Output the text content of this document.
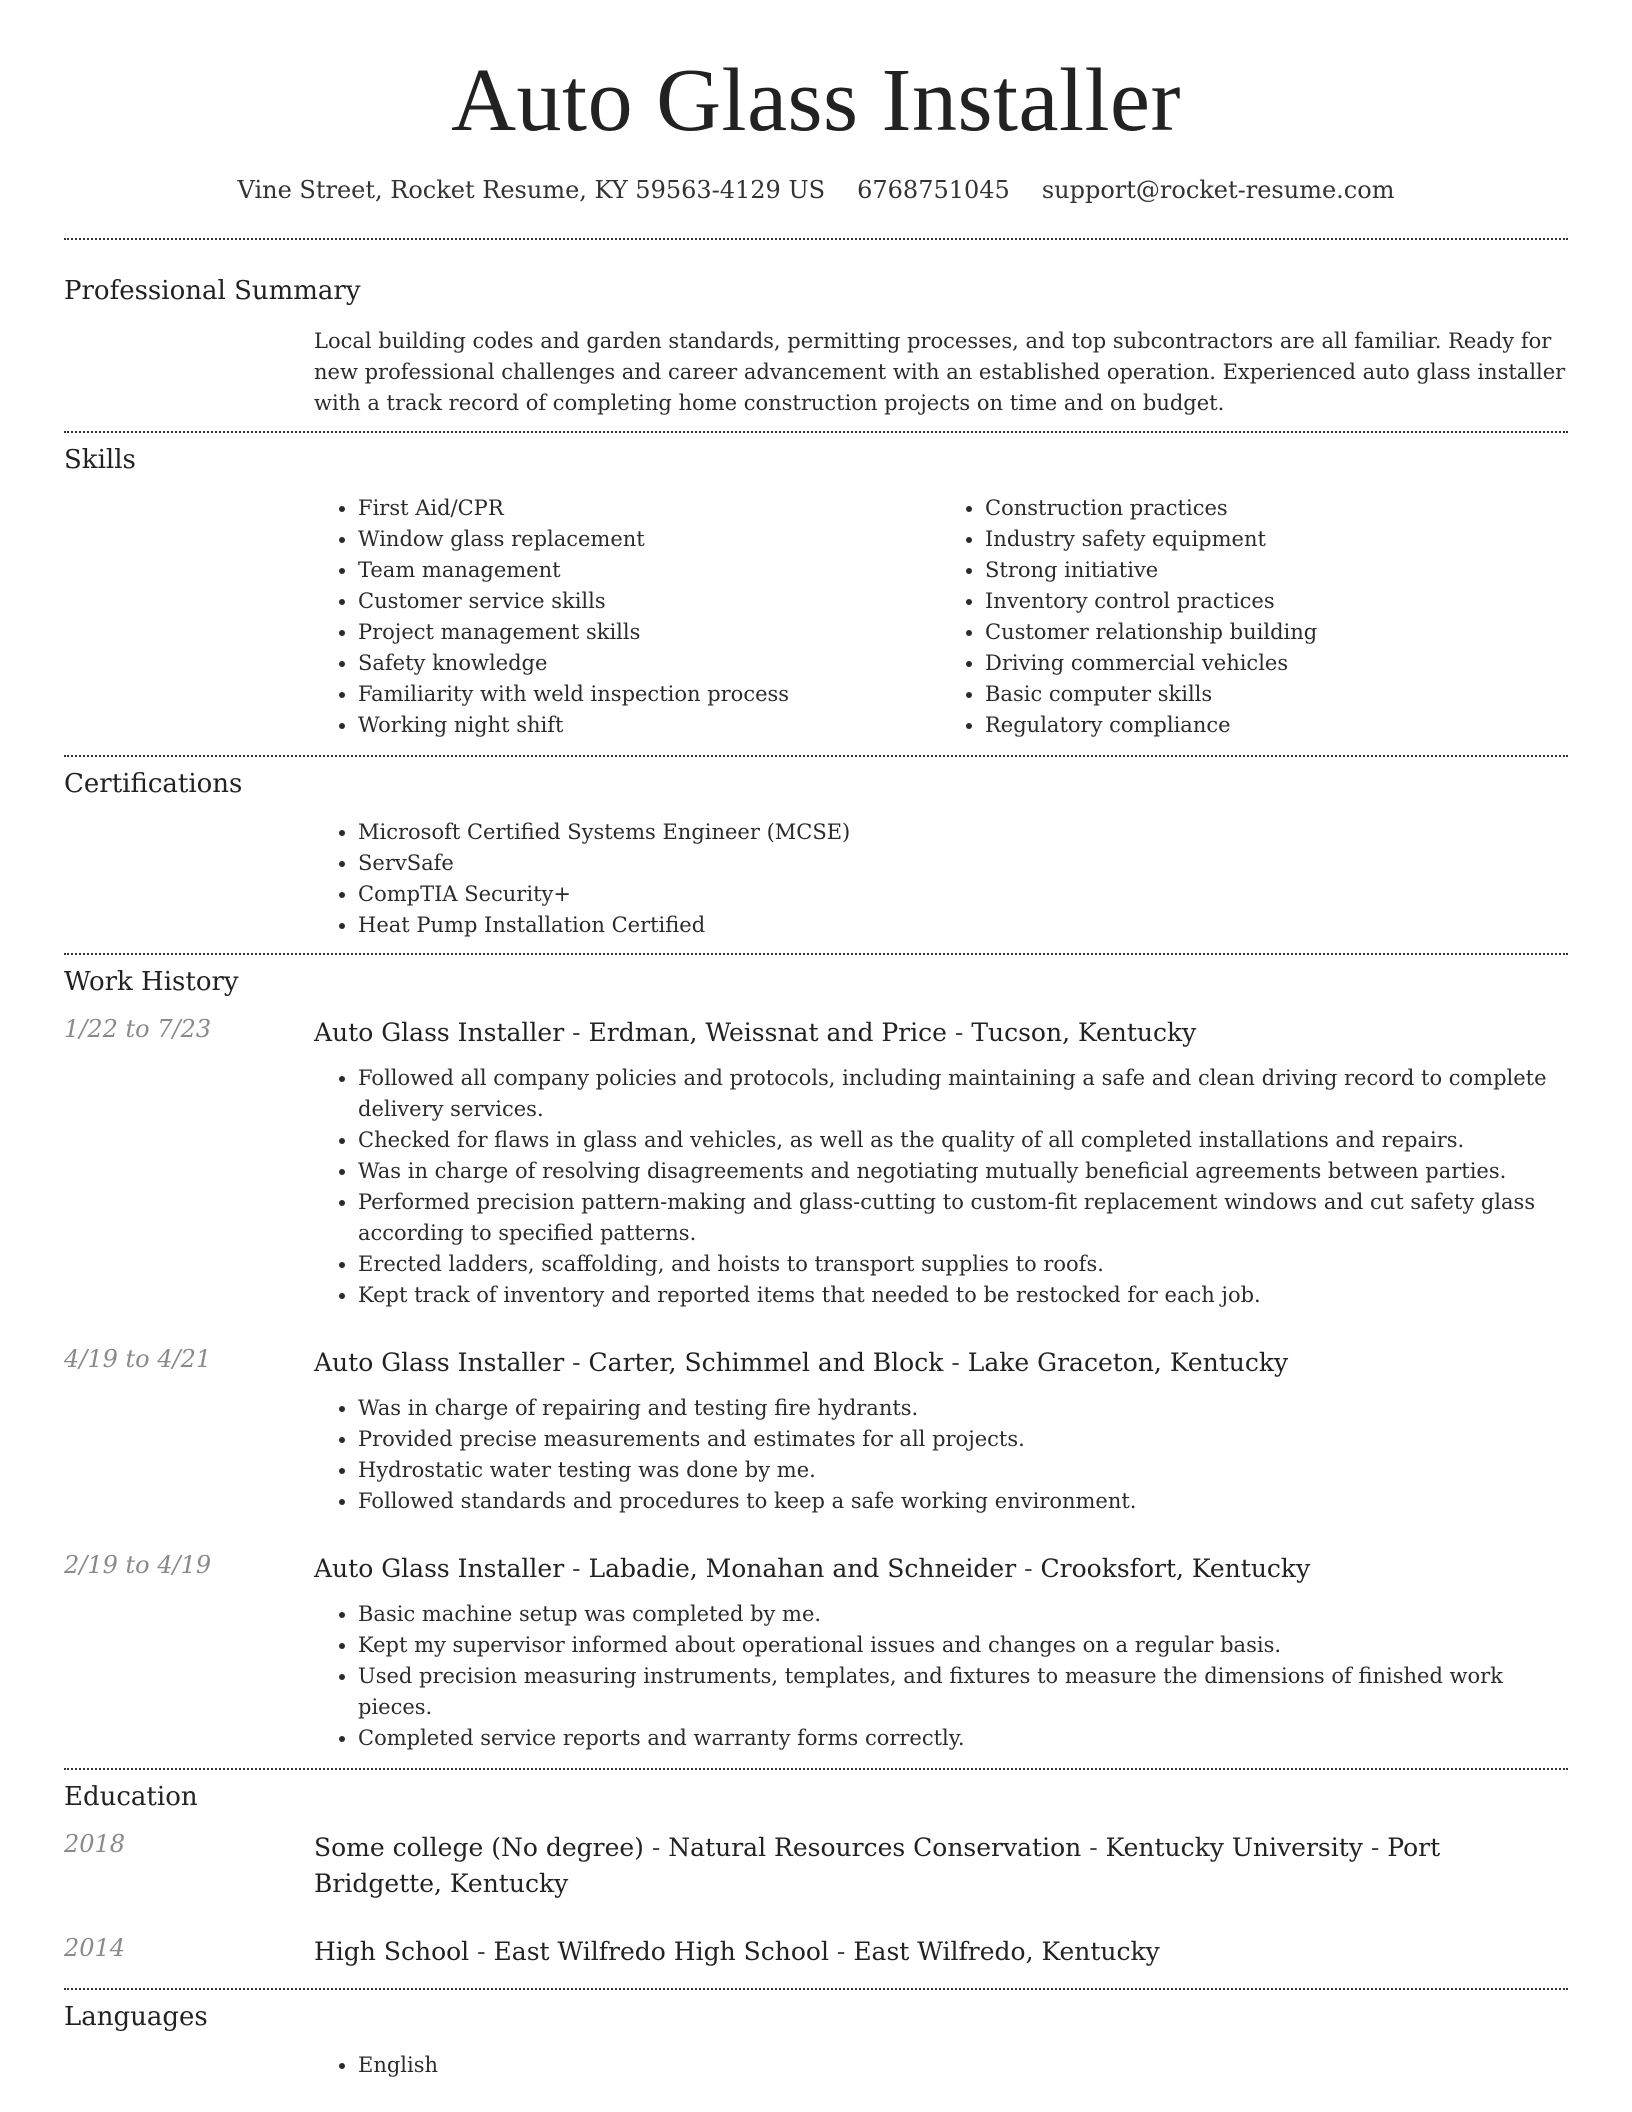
Auto Glass Installer
Vine Street, Rocket Resume, KY 59563-4129 US 6768751045 support@rocket-resume.com
Professional Summary
Local building codes and garden standards, permitting processes, and top subcontractors are all familiar. Ready for new professional challenges and career advancement with an established operation. Experienced auto glass installer with a track record of completing home construction projects on time and on budget.
Skills
• First Aid/CPR
• Window glass replacement
• Team management
• Customer service skills
• Project management skills
• Safety knowledge
• Familiarity with weld inspection process
• Working night shift
• Construction practices
• Industry safety equipment
• Strong initiative
• Inventory control practices
• Customer relationship building
• Driving commercial vehicles
• Basic computer skills
• Regulatory compliance
Certifications
• Microsoft Certified Systems Engineer (MCSE)
• ServSafe
• CompTIA Security+
• Heat Pump Installation Certified
Work History
1/22 to 7/23	Auto Glass Installer - Erdman, Weissnat and Price - Tucson, Kentucky
• Followed all company policies and protocols, including maintaining a safe and clean driving record to complete delivery services.
• Checked for flaws in glass and vehicles, as well as the quality of all completed installations and repairs.
• Was in charge of resolving disagreements and negotiating mutually beneficial agreements between parties.
• Performed precision pattern-making and glass-cutting to custom-fit replacement windows and cut safety glass according to specified patterns.
• Erected ladders, scaffolding, and hoists to transport supplies to roofs.
• Kept track of inventory and reported items that needed to be restocked for each job.
4/19 to 4/21	Auto Glass Installer - Carter, Schimmel and Block - Lake Graceton, Kentucky
• Was in charge of repairing and testing fire hydrants.
• Provided precise measurements and estimates for all projects.
• Hydrostatic water testing was done by me.
• Followed standards and procedures to keep a safe working environment.
2/19 to 4/19	Auto Glass Installer - Labadie, Monahan and Schneider - Crooksfort, Kentucky
• Basic machine setup was completed by me.
• Kept my supervisor informed about operational issues and changes on a regular basis.
• Used precision measuring instruments, templates, and fixtures to measure the dimensions of finished work pieces.
• Completed service reports and warranty forms correctly.
Education
2018	Some college (No degree) - Natural Resources Conservation - Kentucky University - Port Bridgette, Kentucky
2014	High School - East Wilfredo High School - East Wilfredo, Kentucky
Languages
• English
